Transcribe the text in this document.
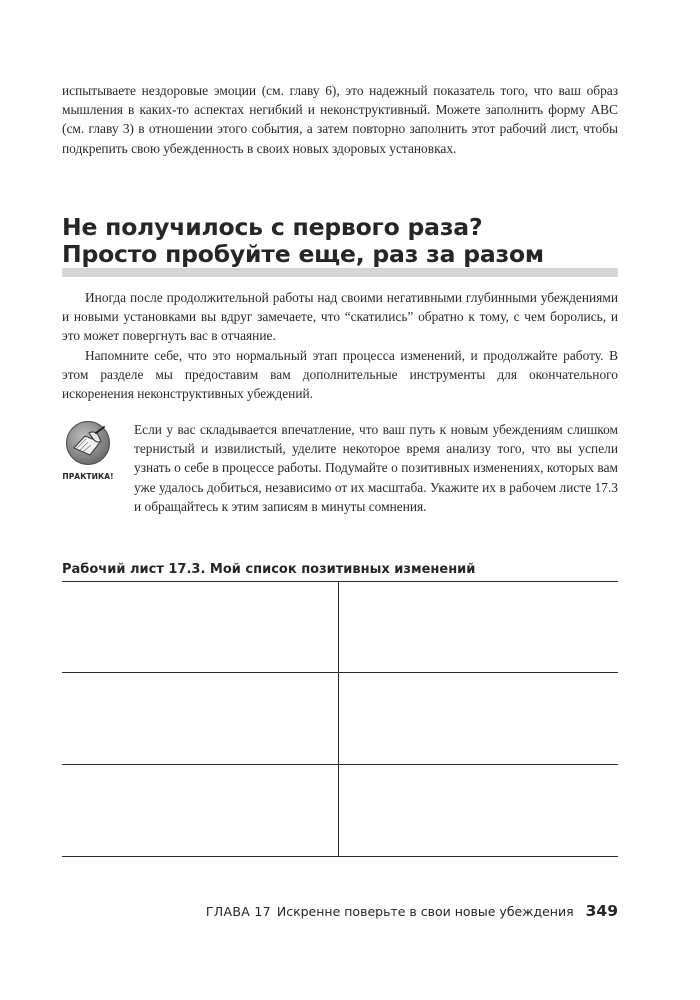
испытываете нездоровые эмоции (см. главу 6), это надежный показатель того, что ваш образ мышления в каких-то аспектах негибкий и неконструктивный. Можете заполнить форму АВС (см. главу 3) в отношении этого события, а затем повторно заполнить этот рабочий лист, чтобы подкрепить свою убежденность в своих новых здоровых установках.

Не получилось с первого раза?
Просто пробуйте еще, раз за разом

Иногда после продолжительной работы над своими негативными глубинными убеждениями и новыми установками вы вдруг замечаете, что “скатились” обратно к тому, с чем боролись, и это может повергнуть вас в отчаяние.

Напомните себе, что это нормальный этап процесса изменений, и продолжайте работу. В этом разделе мы предоставим вам дополнительные инструменты для окончательного искоренения неконструктивных убеждений.

ПРАКТИКА!

Если у вас складывается впечатление, что ваш путь к новым убеждениям слишком тернистый и извилистый, уделите некоторое время анализу того, что вы успели узнать о себе в процессе работы. Подумайте о позитивных изменениях, которых вам уже удалось добиться, независимо от их масштаба. Укажите их в рабочем листе 17.3 и обращайтесь к этим записям в минуты сомнения.

Рабочий лист 17.3. Мой список позитивных изменений
ГЛАВА 17 Искренне поверьте в свои новые убеждения 349
